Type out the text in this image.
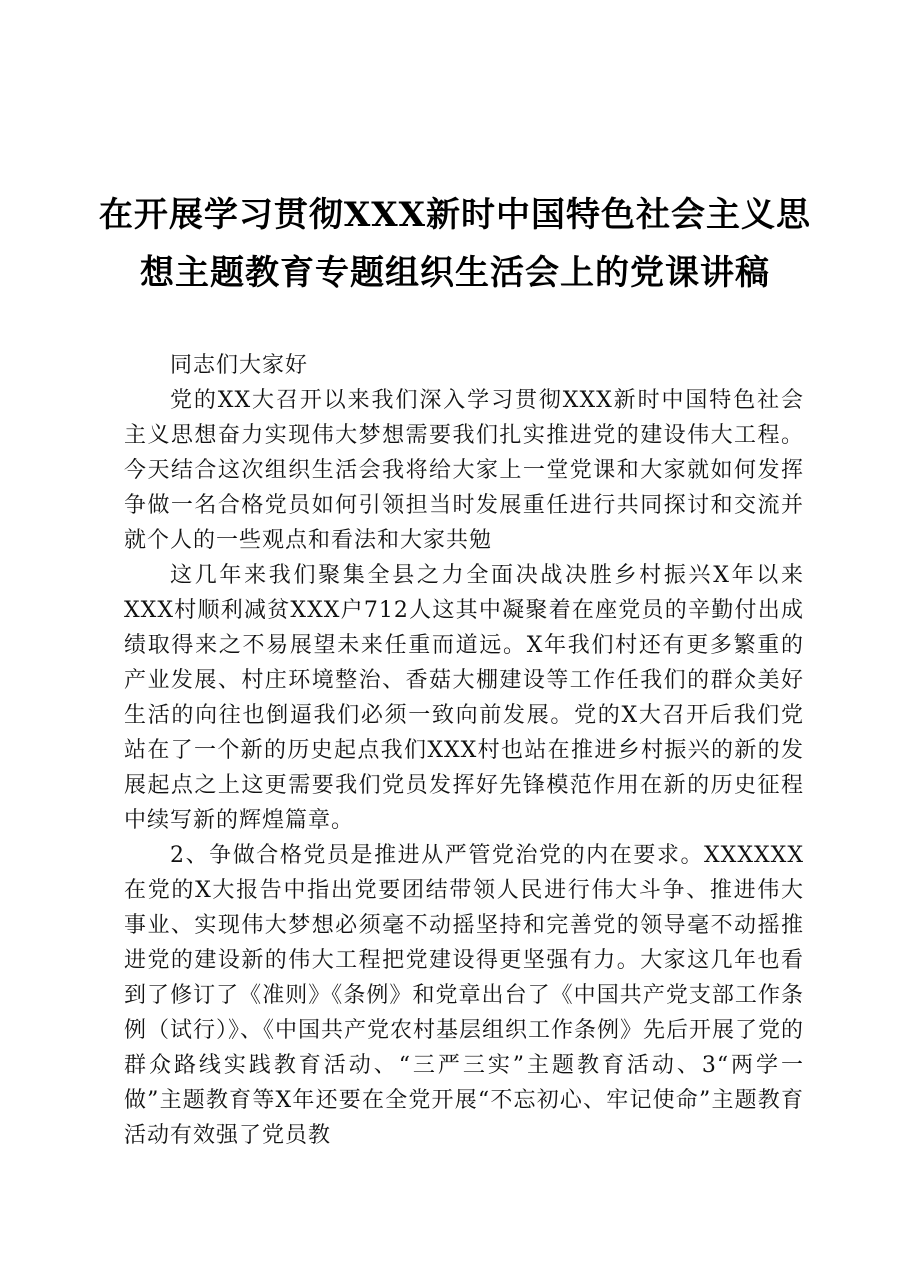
在开展学习贯彻XXX新时中国特色社会主义思
想主题教育专题组织生活会上的党课讲稿

同志们大家好

党的XX大召开以来我们深入学习贯彻XXX新时中国特色社会主义思想奋力实现伟大梦想需要我们扎实推进党的建设伟大工程。今天结合这次组织生活会我将给大家上一堂党课和大家就如何发挥争做一名合格党员如何引领担当时发展重任进行共同探讨和交流并就个人的一些观点和看法和大家共勉

这几年来我们聚集全县之力全面决战决胜乡村振兴X年以来XXX村顺利减贫XXX户712人这其中凝聚着在座党员的辛勤付出成绩取得来之不易展望未来任重而道远。X年我们村还有更多繁重的产业发展、村庄环境整治、香菇大棚建设等工作任我们的群众美好生活的向往也倒逼我们必须一致向前发展。党的X大召开后我们党站在了一个新的历史起点我们XXX村也站在推进乡村振兴的新的发展起点之上这更需要我们党员发挥好先锋模范作用在新的历史征程中续写新的辉煌篇章。

2、争做合格党员是推进从严管党治党的内在要求。XXXXXX在党的X大报告中指出党要团结带领人民进行伟大斗争、推进伟大事业、实现伟大梦想必须毫不动摇坚持和完善党的领导毫不动摇推进党的建设新的伟大工程把党建设得更坚强有力。大家这几年也看到了修订了《准则》《条例》和党章出台了《中国共产党支部工作条例（试行）》、《中国共产党农村基层组织工作条例》先后开展了党的群众路线实践教育活动、“三严三实”主题教育活动、3“两学一做”主题教育等X年还要在全党开展“不忘初心、牢记使命”主题教育活动有效强了党员教
